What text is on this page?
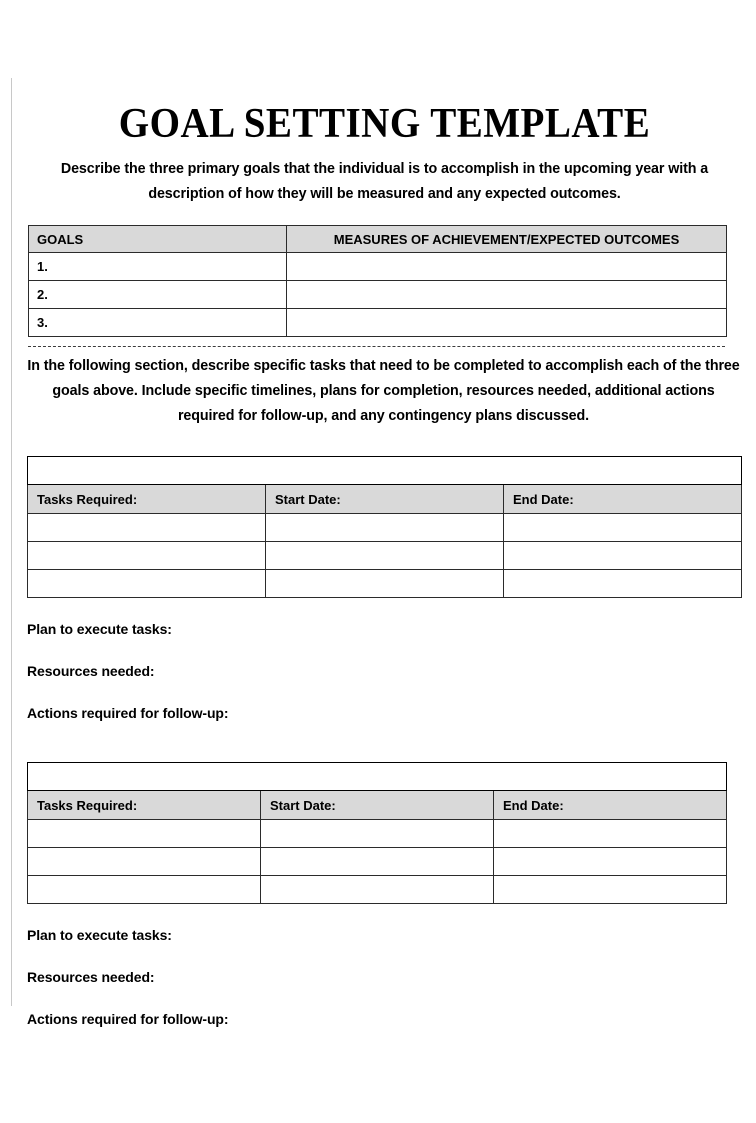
GOAL SETTING TEMPLATE

Describe the three primary goals that the individual is to accomplish in the upcoming year with a description of how they will be measured and any expected outcomes.

GOALS	MEASURES OF ACHIEVEMENT/EXPECTED OUTCOMES
1.	
2.	
3.	

In the following section, describe specific tasks that need to be completed to accomplish each of the three goals above. Include specific timelines, plans for completion, resources needed, additional actions required for follow-up, and any contingency plans discussed.

GOAL 1:		
Tasks Required:	Start Date:	End Date:

Plan to execute tasks:
Resources needed:
Actions required for follow-up:
GOAL 2:		
Tasks Required:	Start Date:	End Date:

Plan to execute tasks:
Resources needed:
Actions required for follow-up:
